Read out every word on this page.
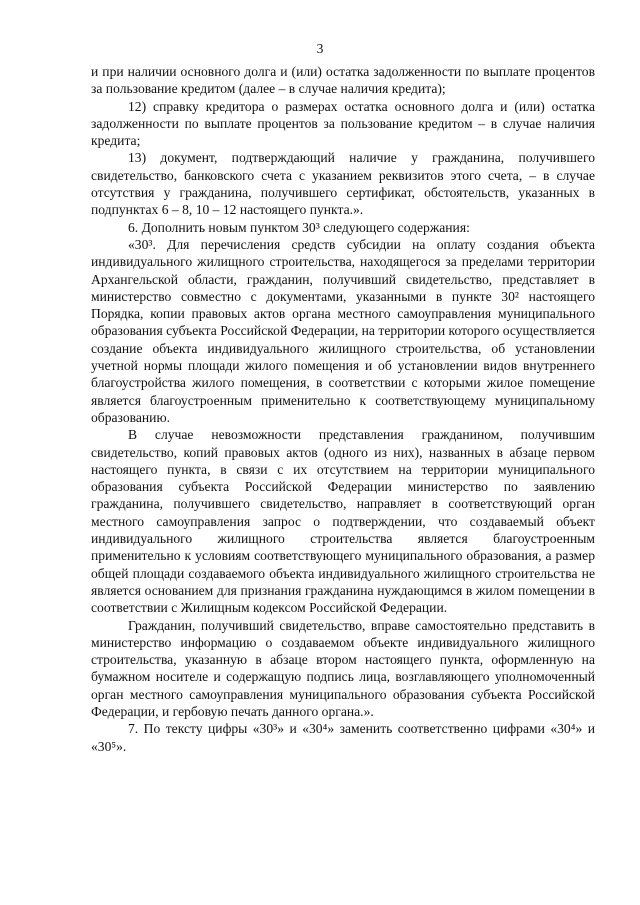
3

и при наличии основного долга и (или) остатка задолженности по выплате процентов за пользование кредитом (далее – в случае наличия кредита);

12) справку кредитора о размерах остатка основного долга и (или) остатка задолженности по выплате процентов за пользование кредитом – в случае наличия кредита;

13) документ, подтверждающий наличие у гражданина, получившего свидетельство, банковского счета с указанием реквизитов этого счета, – в случае отсутствия у гражданина, получившего сертификат, обстоятельств, указанных в подпунктах 6 – 8, 10 – 12 настоящего пункта.».

6. Дополнить новым пунктом 30³ следующего содержания:

«30³. Для перечисления средств субсидии на оплату создания объекта индивидуального жилищного строительства, находящегося за пределами территории Архангельской области, гражданин, получивший свидетельство, представляет в министерство совместно с документами, указанными в пункте 30² настоящего Порядка, копии правовых актов органа местного самоуправления муниципального образования субъекта Российской Федерации, на территории которого осуществляется создание объекта индивидуального жилищного строительства, об установлении учетной нормы площади жилого помещения и об установлении видов внутреннего благоустройства жилого помещения, в соответствии с которыми жилое помещение является благоустроенным применительно к соответствующему муниципальному образованию.

В случае невозможности представления гражданином, получившим свидетельство, копий правовых актов (одного из них), названных в абзаце первом настоящего пункта, в связи с их отсутствием на территории муниципального образования субъекта Российской Федерации министерство по заявлению гражданина, получившего свидетельство, направляет в соответствующий орган местного самоуправления запрос о подтверждении, что создаваемый объект индивидуального жилищного строительства является благоустроенным применительно к условиям соответствующего муниципального образования, а размер общей площади создаваемого объекта индивидуального жилищного строительства не является основанием для признания гражданина нуждающимся в жилом помещении в соответствии с Жилищным кодексом Российской Федерации.

Гражданин, получивший свидетельство, вправе самостоятельно представить в министерство информацию о создаваемом объекте индивидуального жилищного строительства, указанную в абзаце втором настоящего пункта, оформленную на бумажном носителе и содержащую подпись лица, возглавляющего уполномоченный орган местного самоуправления муниципального образования субъекта Российской Федерации, и гербовую печать данного органа.».

7. По тексту цифры «30³» и «30⁴» заменить соответственно цифрами «30⁴» и «30⁵».
